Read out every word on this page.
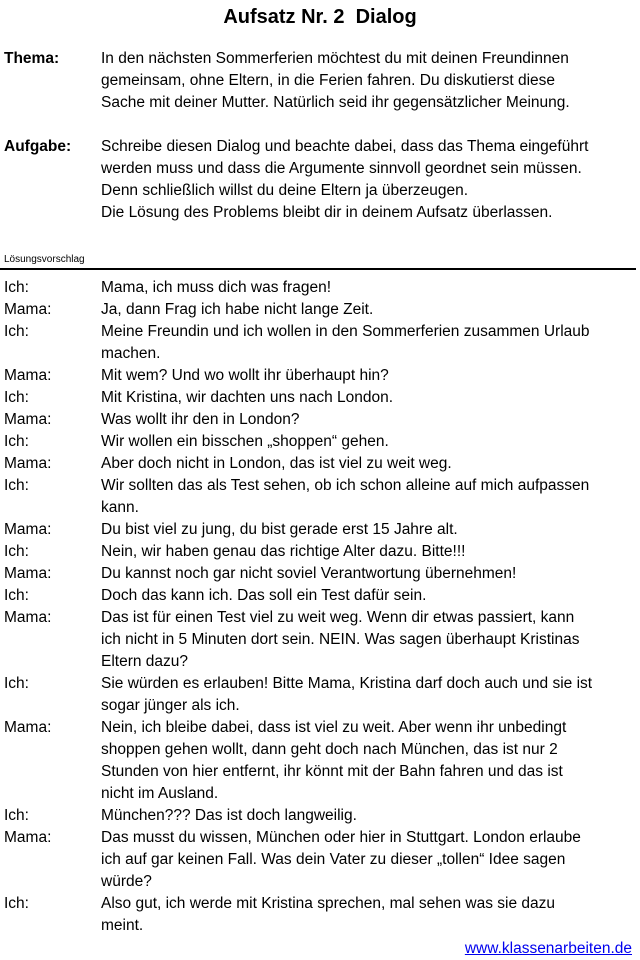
Aufsatz Nr. 2  Dialog
Thema:	In den nächsten Sommerferien möchtest du mit deinen Freundinnen
gemeinsam, ohne Eltern, in die Ferien fahren. Du diskutierst diese
Sache mit deiner Mutter. Natürlich seid ihr gegensätzlicher Meinung.
Aufgabe:	Schreibe diesen Dialog und beachte dabei, dass das Thema eingeführt
werden muss und dass die Argumente sinnvoll geordnet sein müssen.
Denn schließlich willst du deine Eltern ja überzeugen.
Die Lösung des Problems bleibt dir in deinem Aufsatz überlassen.
Lösungsvorschlag
Ich:	Mama, ich muss dich was fragen!
Mama:	Ja, dann Frag ich habe nicht lange Zeit.
Ich:	Meine Freundin und ich wollen in den Sommerferien zusammen Urlaub
machen.
Mama:	Mit wem? Und wo wollt ihr überhaupt hin?
Ich:	Mit Kristina, wir dachten uns nach London.
Mama:	Was wollt ihr den in London?
Ich:	Wir wollen ein bisschen „shoppen“ gehen.
Mama:	Aber doch nicht in London, das ist viel zu weit weg.
Ich:	Wir sollten das als Test sehen, ob ich schon alleine auf mich aufpassen
kann.
Mama:	Du bist viel zu jung, du bist gerade erst 15 Jahre alt.
Ich:	Nein, wir haben genau das richtige Alter dazu. Bitte!!!
Mama:	Du kannst noch gar nicht soviel Verantwortung übernehmen!
Ich:	Doch das kann ich. Das soll ein Test dafür sein.
Mama:	Das ist für einen Test viel zu weit weg. Wenn dir etwas passiert, kann
ich nicht in 5 Minuten dort sein. NEIN. Was sagen überhaupt Kristinas
Eltern dazu?
Ich:	Sie würden es erlauben! Bitte Mama, Kristina darf doch auch und sie ist
sogar jünger als ich.
Mama:	Nein, ich bleibe dabei, dass ist viel zu weit. Aber wenn ihr unbedingt
shoppen gehen wollt, dann geht doch nach München, das ist nur 2
Stunden von hier entfernt, ihr könnt mit der Bahn fahren und das ist
nicht im Ausland.
Ich:	München??? Das ist doch langweilig.
Mama:	Das musst du wissen, München oder hier in Stuttgart. London erlaube
ich auf gar keinen Fall. Was dein Vater zu dieser „tollen“ Idee sagen
würde?
Ich:	Also gut, ich werde mit Kristina sprechen, mal sehen was sie dazu
meint.
www.klassenarbeiten.de
